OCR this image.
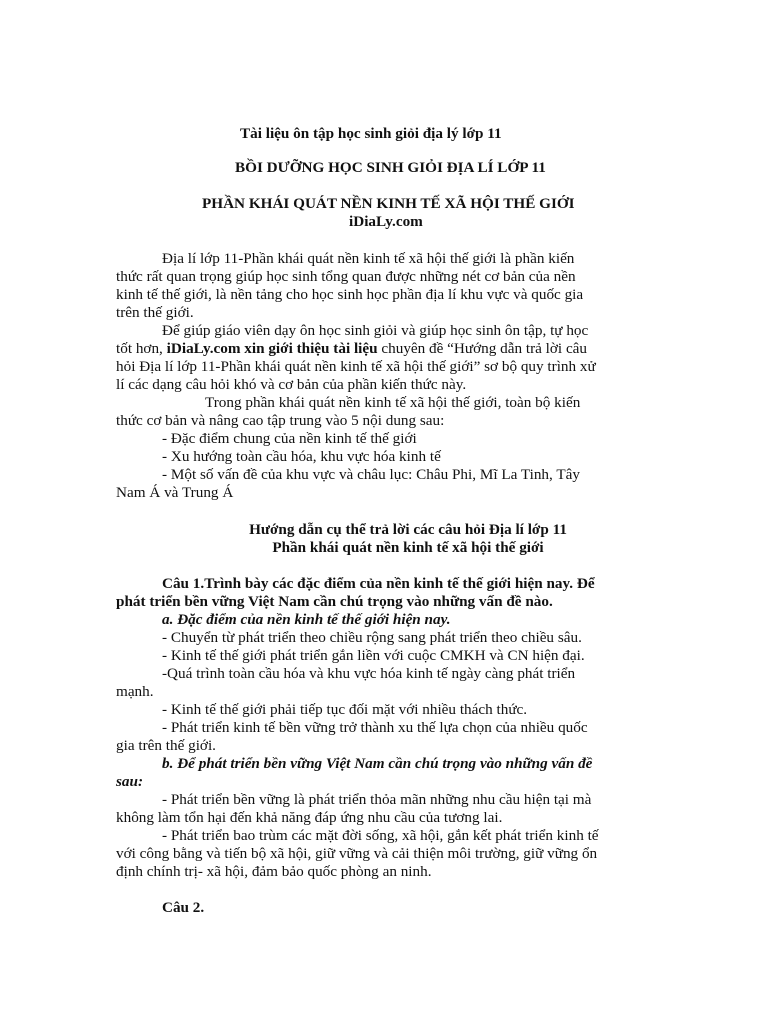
Tài liệu ôn tập học sinh giỏi địa lý lớp 11
BỒI DƯỠNG HỌC SINH GIỎI ĐỊA LÍ LỚP 11
PHẦN KHÁI QUÁT NỀN KINH TẾ XÃ HỘI THẾ GIỚI
iDiaLy.com
Địa lí lớp 11-Phần khái quát nền kinh tế xã hội thế giới là phần kiến
thức rất quan trọng giúp học sinh tổng quan được những nét cơ bản của nền
kinh tế thế giới, là nền tảng cho học sinh học phần địa lí khu vực và quốc gia
trên thế giới.
Để giúp giáo viên dạy ôn học sinh giỏi và giúp học sinh ôn tập, tự học
tốt hơn, iDiaLy.com xin giới thiệu tài liệu chuyên đề “Hướng dẫn trả lời câu
hỏi Địa lí lớp 11-Phần khái quát nền kinh tế xã hội thế giới” sơ bộ quy trình xử
lí các dạng câu hỏi khó và cơ bản của phần kiến thức này.
Trong phần khái quát nền kinh tế xã hội thế giới, toàn bộ kiến
thức cơ bản và nâng cao tập trung vào 5 nội dung sau:
- Đặc điểm chung của nền kinh tế thế giới
- Xu hướng toàn cầu hóa, khu vực hóa kinh tế
- Một số vấn đề của khu vực và châu lục: Châu Phi, Mĩ La Tinh, Tây
Nam Á và Trung Á
Hướng dẫn cụ thể trả lời các câu hỏi Địa lí lớp 11
Phần khái quát nền kinh tế xã hội thế giới
Câu 1.Trình bày các đặc điểm của nền kinh tế thế giới hiện nay. Để
phát triển bền vững Việt Nam cần chú trọng vào những vấn đề nào.
a. Đặc điểm của nền kinh tế thế giới hiện nay.
- Chuyển từ phát triển theo chiều rộng sang phát triển theo chiều sâu.
- Kinh tế thế giới phát triển gắn liền với cuộc CMKH và CN hiện đại.
-Quá trình toàn cầu hóa và khu vực hóa kinh tế ngày càng phát triển
mạnh.
- Kinh tế thế giới phải tiếp tục đối mặt với nhiều thách thức.
- Phát triển kinh tế bền vững trở thành xu thế lựa chọn của nhiều quốc
gia trên thế giới.
b. Để phát triển bền vững Việt Nam cần chú trọng vào những vấn đề
sau:
- Phát triển bền vững là phát triển thỏa mãn những nhu cầu hiện tại mà
không làm tổn hại đến khả năng đáp ứng nhu cầu của tương lai.
- Phát triển bao trùm các mặt đời sống, xã hội, gắn kết phát triển kinh tế
với công bằng và tiến bộ xã hội, giữ vững và cải thiện môi trường, giữ vững ổn
định chính trị- xã hội, đảm bảo quốc phòng an ninh.
Câu 2.
